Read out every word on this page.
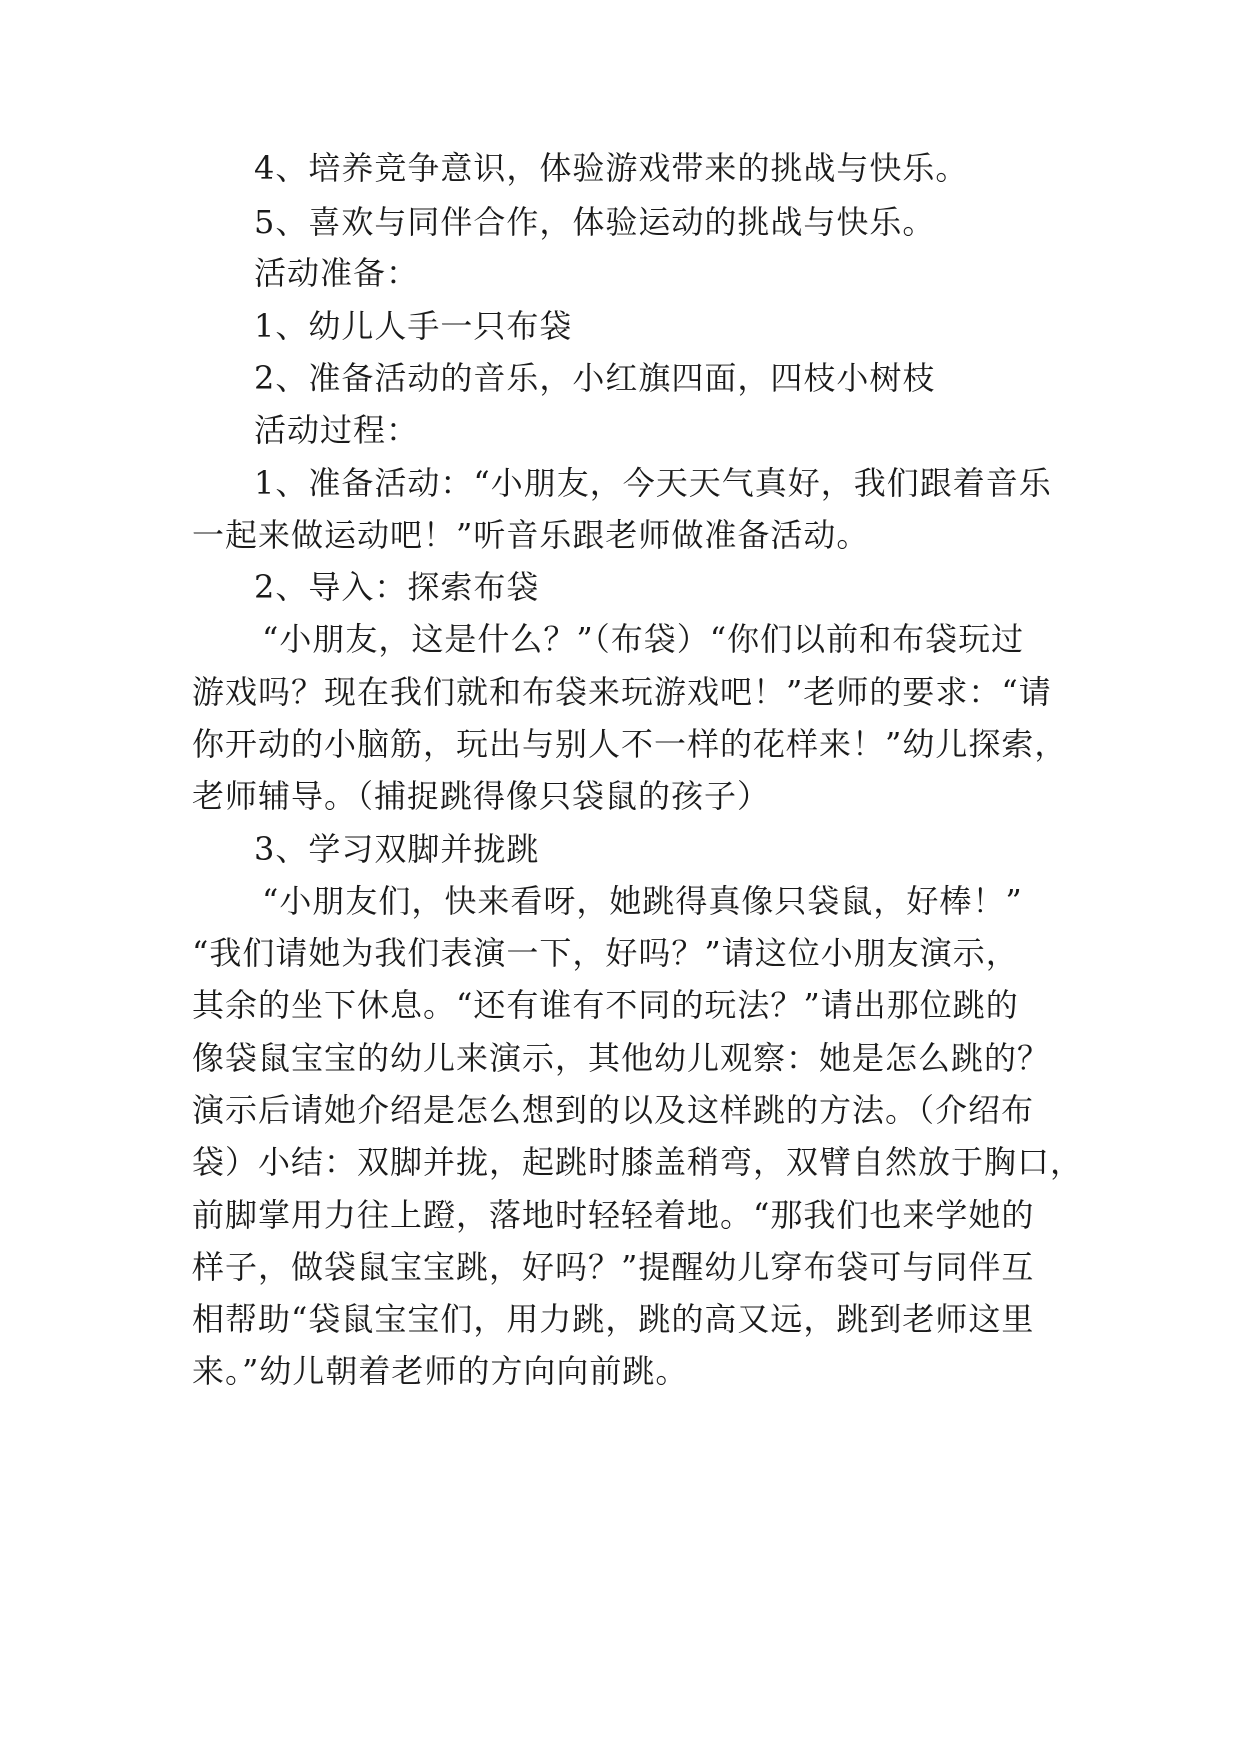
4、培养竞争意识，体验游戏带来的挑战与快乐。
5、喜欢与同伴合作，体验运动的挑战与快乐。
活动准备：
1、幼儿人手一只布袋
2、准备活动的音乐，小红旗四面，四枝小树枝
活动过程：
1、准备活动：“小朋友，今天天气真好，我们跟着音乐
一起来做运动吧！”听音乐跟老师做准备活动。
2、导入：探索布袋
“小朋友，这是什么？”（布袋）“你们以前和布袋玩过
游戏吗？现在我们就和布袋来玩游戏吧！”老师的要求：“请
你开动的小脑筋，玩出与别人不一样的花样来！”幼儿探索，
老师辅导。（捕捉跳得像只袋鼠的孩子）
3、学习双脚并拢跳
“小朋友们，快来看呀，她跳得真像只袋鼠，好棒！”
“我们请她为我们表演一下，好吗？”请这位小朋友演示，
其余的坐下休息。“还有谁有不同的玩法？”请出那位跳的
像袋鼠宝宝的幼儿来演示，其他幼儿观察：她是怎么跳的？
演示后请她介绍是怎么想到的以及这样跳的方法。（介绍布
袋）小结：双脚并拢，起跳时膝盖稍弯，双臂自然放于胸口，
前脚掌用力往上蹬，落地时轻轻着地。“那我们也来学她的
样子，做袋鼠宝宝跳，好吗？”提醒幼儿穿布袋可与同伴互
相帮助“袋鼠宝宝们，用力跳，跳的高又远，跳到老师这里
来。”幼儿朝着老师的方向向前跳。
